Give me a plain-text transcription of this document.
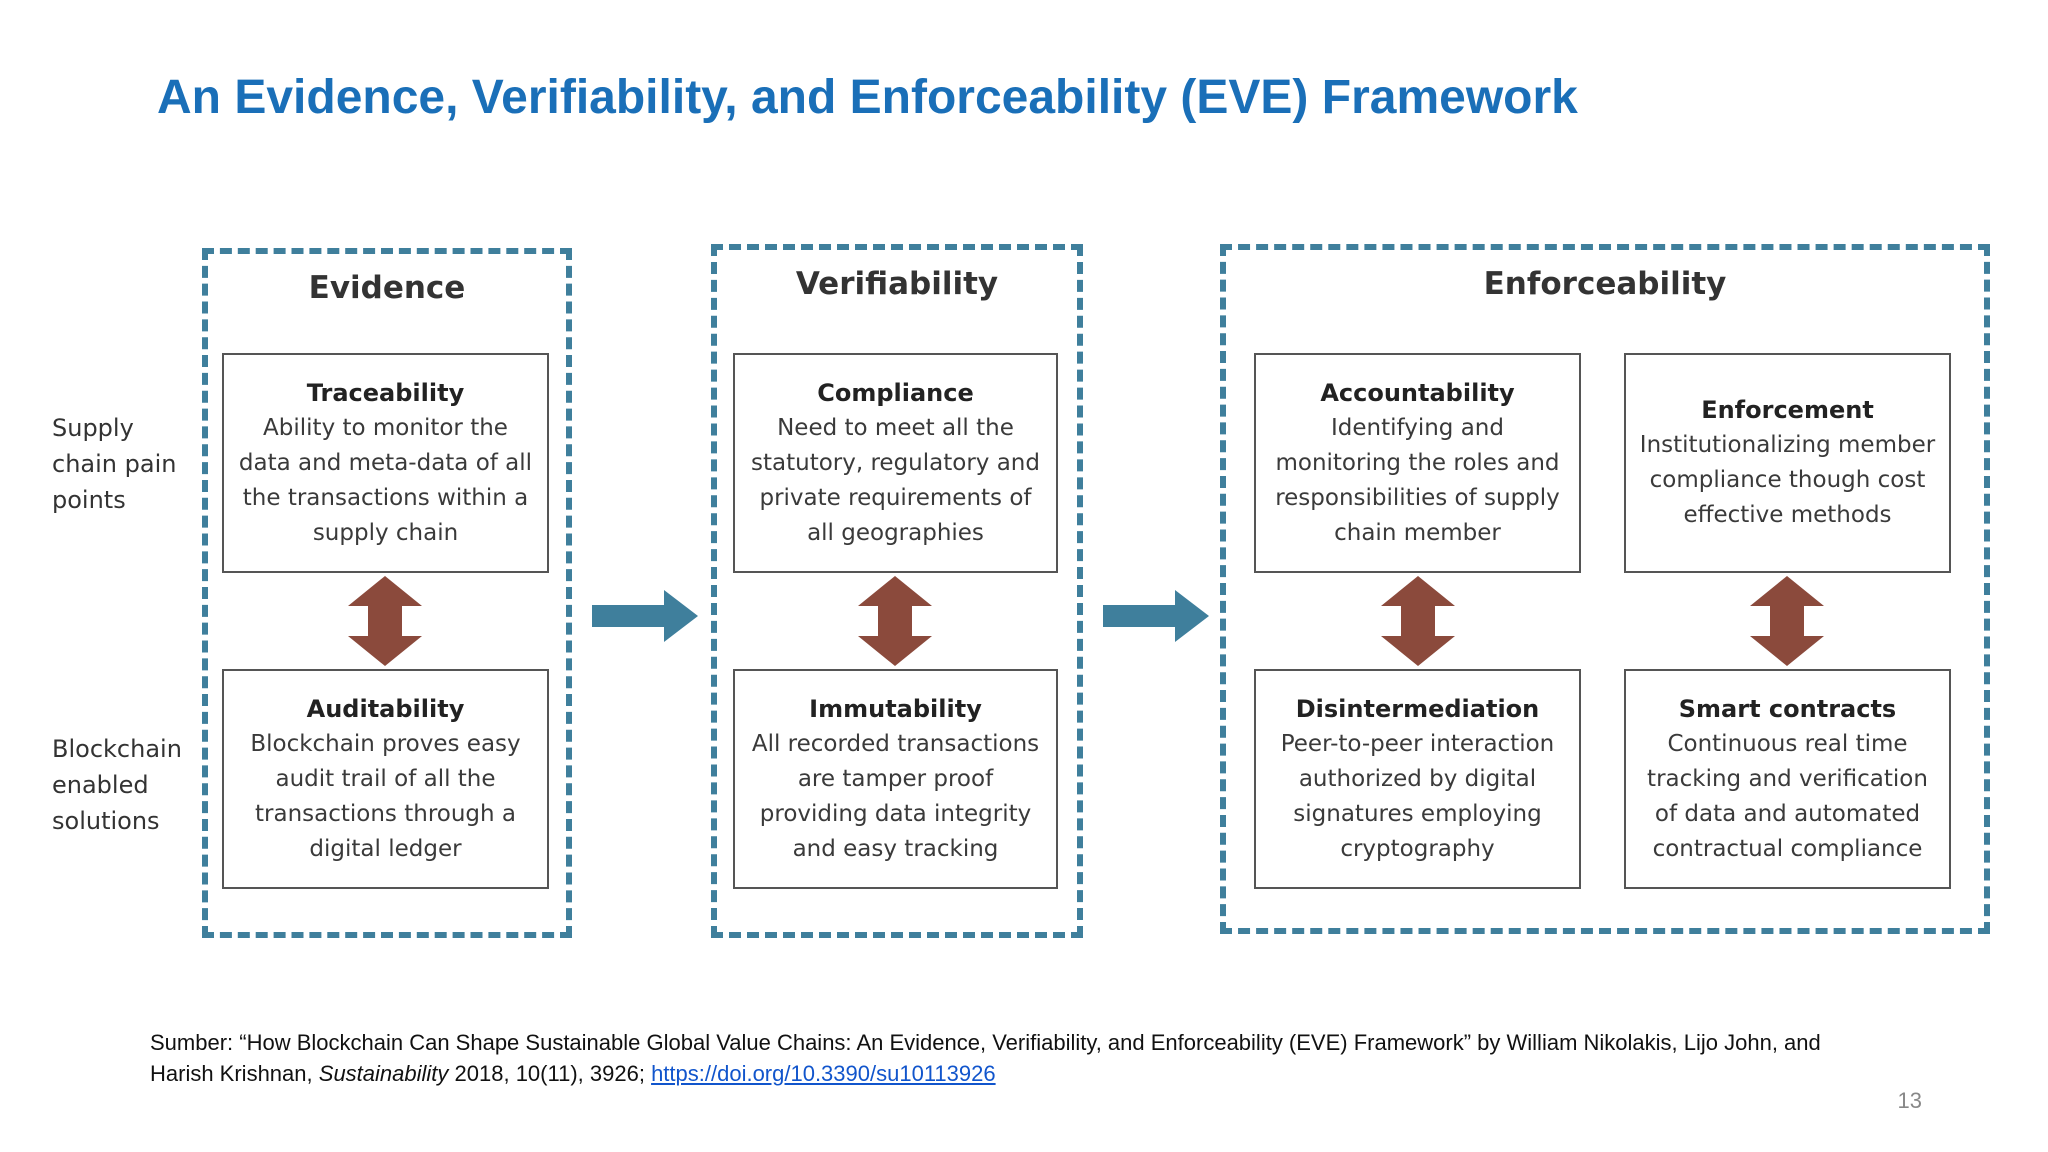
An Evidence, Verifiability, and Enforceability (EVE) Framework
Supply chain pain points
Blockchain enabled solutions
Evidence
Traceability
Ability to monitor the data and meta-data of all the transactions within a supply chain
Auditability
Blockchain proves easy audit trail of all the transactions through a digital ledger
Verifiability
Compliance
Need to meet all the statutory, regulatory and private requirements of all geographies
Immutability
All recorded transactions are tamper proof providing data integrity and easy tracking
Enforceability
Accountability
Identifying and monitoring the roles and responsibilities of supply chain member
Enforcement
Institutionalizing member compliance though cost effective methods
Disintermediation
Peer-to-peer interaction authorized by digital signatures employing cryptography
Smart contracts
Continuous real time tracking and verification of data and automated contractual compliance
Sumber: “How Blockchain Can Shape Sustainable Global Value Chains: An Evidence, Verifiability, and Enforceability (EVE) Framework” by William Nikolakis, Lijo John, and Harish Krishnan, Sustainability 2018, 10(11), 3926; https://doi.org/10.3390/su10113926
13
